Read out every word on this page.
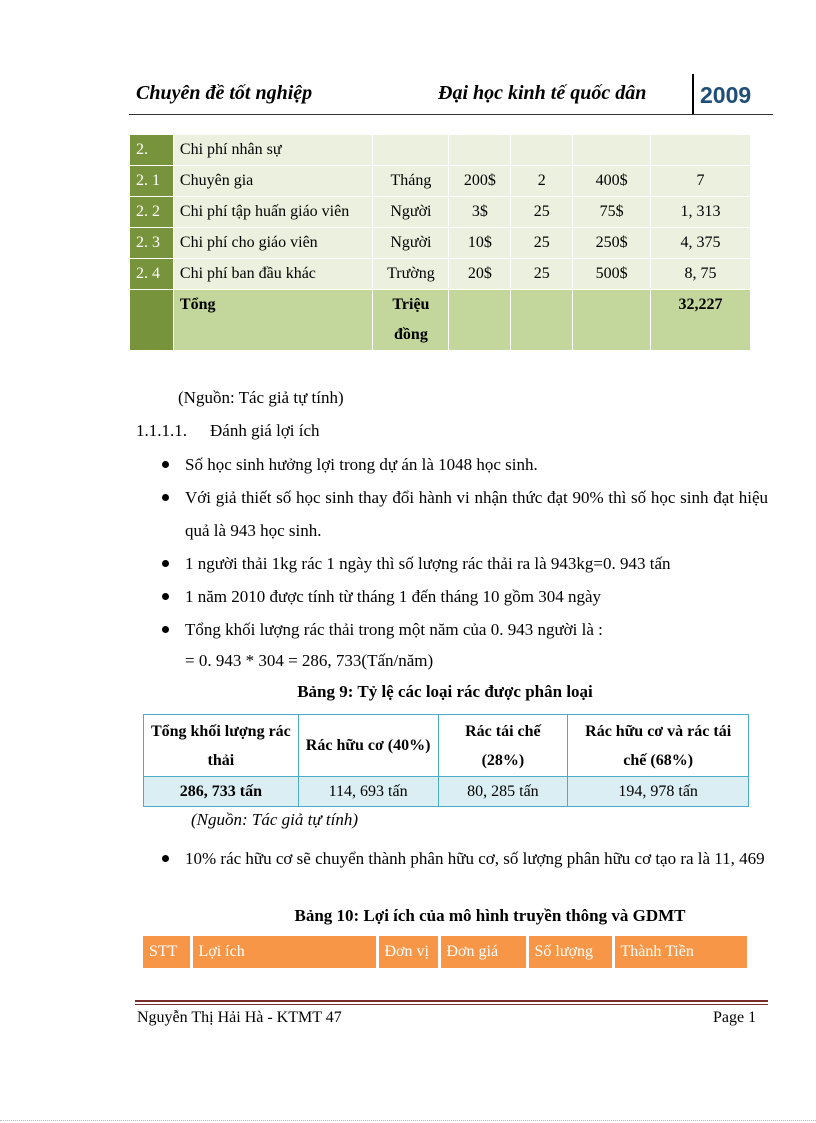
Chuyên đề tốt nghiệp	Đại học kinh tế quốc dân 2009
2.	Chi phí nhân sự					
2. 1	Chuyên gia	Tháng	200$	2	400$	7
2. 2	Chi phí tập huấn giáo viên	Người	3$	25	75$	1, 313
2. 3	Chi phí cho giáo viên	Người	10$	25	250$	4, 375
2. 4	Chi phí ban đầu khác	Trường	20$	25	500$	8, 75
	Tổng	Triệu đồng				32,227
(Nguồn: Tác giả tự tính)
1.1.1.1. Đánh giá lợi ích
Số học sinh hưởng lợi trong dự án là 1048 học sinh.
Với giả thiết số học sinh thay đổi hành vi nhận thức đạt 90% thì số học sinh đạt hiệu quả là 943 học sinh.
1 người thải 1kg rác 1 ngày thì số lượng rác thải ra là 943kg=0. 943 tấn
1 năm 2010 được tính từ tháng 1 đến tháng 10 gồm 304 ngày
Tổng khối lượng rác thải trong một năm của 0. 943 người là :
= 0. 943 * 304 = 286, 733(Tấn/năm)
Bảng 9: Tỷ lệ các loại rác được phân loại
Tổng khối lượng rác thải	Rác hữu cơ (40%)	Rác tái chế (28%)	Rác hữu cơ và rác tái chế (68%)
286, 733 tấn	114, 693 tấn	80, 285 tấn	194, 978 tấn
(Nguồn: Tác giả tự tính)
10% rác hữu cơ sẽ chuyển thành phân hữu cơ, số lượng phân hữu cơ tạo ra là 11, 469
Bảng 10: Lợi ích của mô hình truyền thông và GDMT
STT	Lợi ích	Đơn vị	Đơn giá	Số lượng	Thành Tiền
Nguyễn Thị Hải Hà - KTMT 47	Page 1
